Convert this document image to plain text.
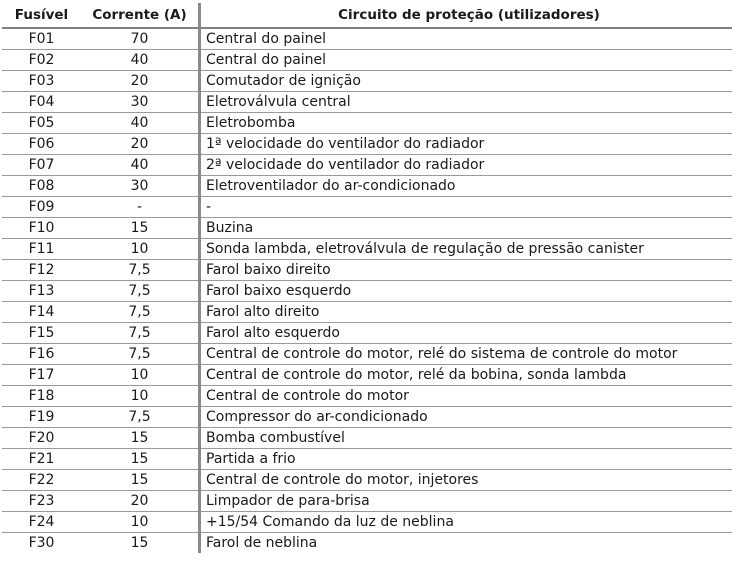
Fusível	Corrente (A)	Circuito de proteção (utilizadores)
F01	70	Central do painel
F02	40	Central do painel
F03	20	Comutador de ignição
F04	30	Eletroválvula central
F05	40	Eletrobomba
F06	20	1ª velocidade do ventilador do radiador
F07	40	2ª velocidade do ventilador do radiador
F08	30	Eletroventilador do ar-condicionado
F09	-	-
F10	15	Buzina
F11	10	Sonda lambda, eletroválvula de regulação de pressão canister
F12	7,5	Farol baixo direito
F13	7,5	Farol baixo esquerdo
F14	7,5	Farol alto direito
F15	7,5	Farol alto esquerdo
F16	7,5	Central de controle do motor, relé do sistema de controle do motor
F17	10	Central de controle do motor, relé da bobina, sonda lambda
F18	10	Central de controle do motor
F19	7,5	Compressor do ar-condicionado
F20	15	Bomba combustível
F21	15	Partida a frio
F22	15	Central de controle do motor, injetores
F23	20	Limpador de para-brisa
F24	10	+15/54 Comando da luz de neblina
F30	15	Farol de neblina
